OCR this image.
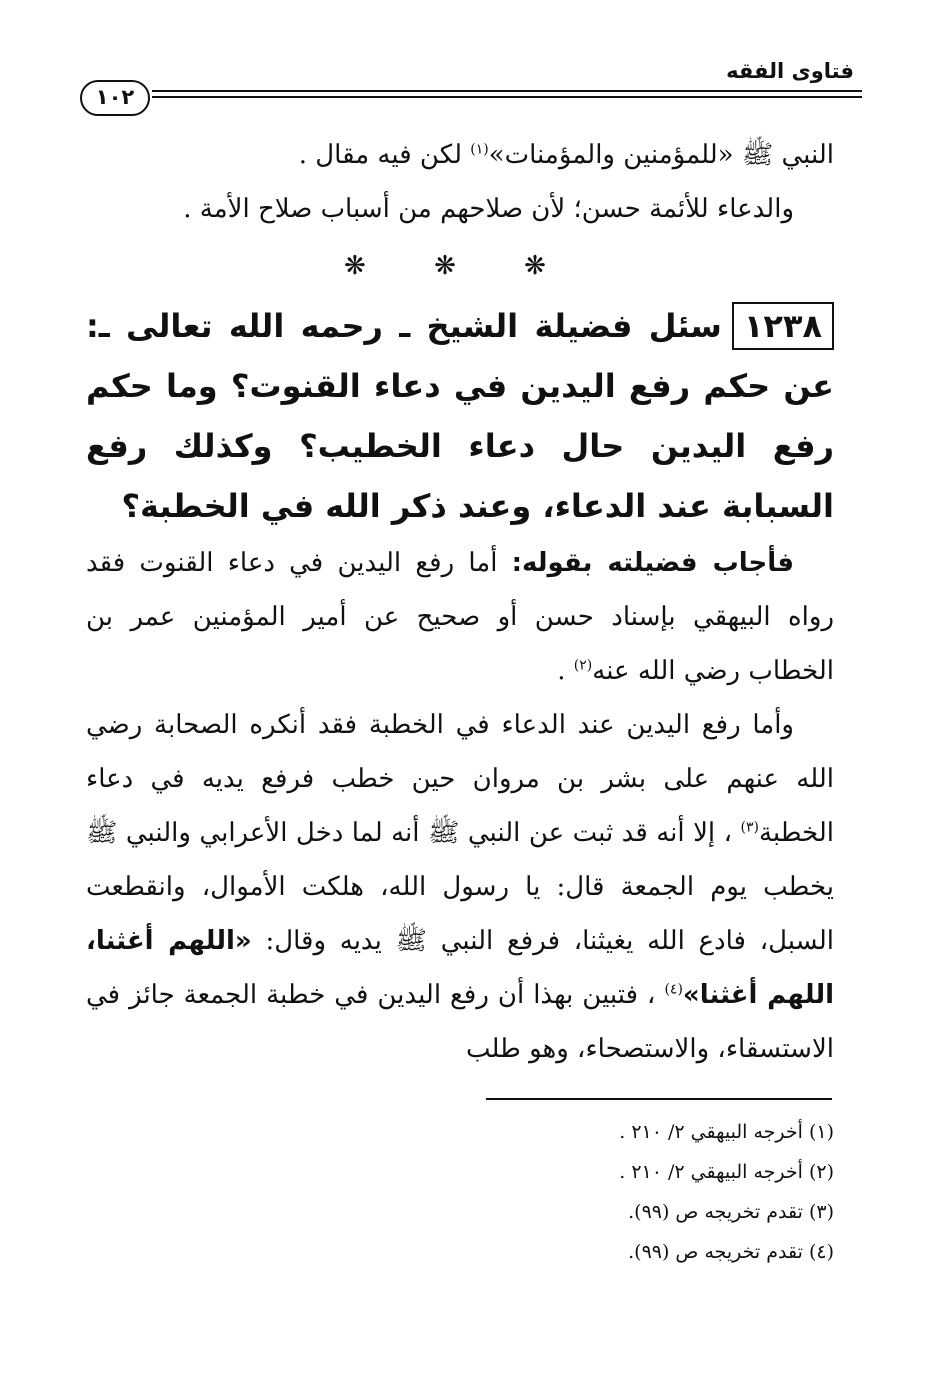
فتاوى الفقه
١٠٢

النبي ﷺ «للمؤمنين والمؤمنات»$^{(١)}$ لكن فيه مقال .

والدعاء للأئمة حسن؛ لأن صلاحهم من أسباب صلاح الأمة .

❋ ❋ ❋

١٢٣٨سئل فضيلة الشيخ ـ رحمه الله تعالى ـ: عن حكم رفع اليدين في دعاء القنوت؟ وما حكم رفع اليدين حال دعاء الخطيب؟ وكذلك رفع السبابة عند الدعاء، وعند ذكر الله في الخطبة؟

فأجاب فضيلته بقوله: أما رفع اليدين في دعاء القنوت فقد رواه البيهقي بإسناد حسن أو صحيح عن أمير المؤمنين عمر بن الخطاب رضي الله عنه$^{(٢)}$ .

وأما رفع اليدين عند الدعاء في الخطبة فقد أنكره الصحابة رضي الله عنهم على بشر بن مروان حين خطب فرفع يديه في دعاء الخطبة$^{(٣)}$ ، إلا أنه قد ثبت عن النبي ﷺ أنه لما دخل الأعرابي والنبي ﷺ يخطب يوم الجمعة قال: يا رسول الله، هلكت الأموال، وانقطعت السبل، فادع الله يغيثنا، فرفع النبي ﷺ يديه وقال: «اللهم أغثنا، اللهم أغثنا»$^{(٤)}$ ، فتبين بهذا أن رفع اليدين في خطبة الجمعة جائز في الاستسقاء، والاستصحاء، وهو طلب

(١) أخرجه البيهقي ٢/ ٢١٠ .
(٢) أخرجه البيهقي ٢/ ٢١٠ .
(٣) تقدم تخريجه ص (٩٩).
(٤) تقدم تخريجه ص (٩٩).
